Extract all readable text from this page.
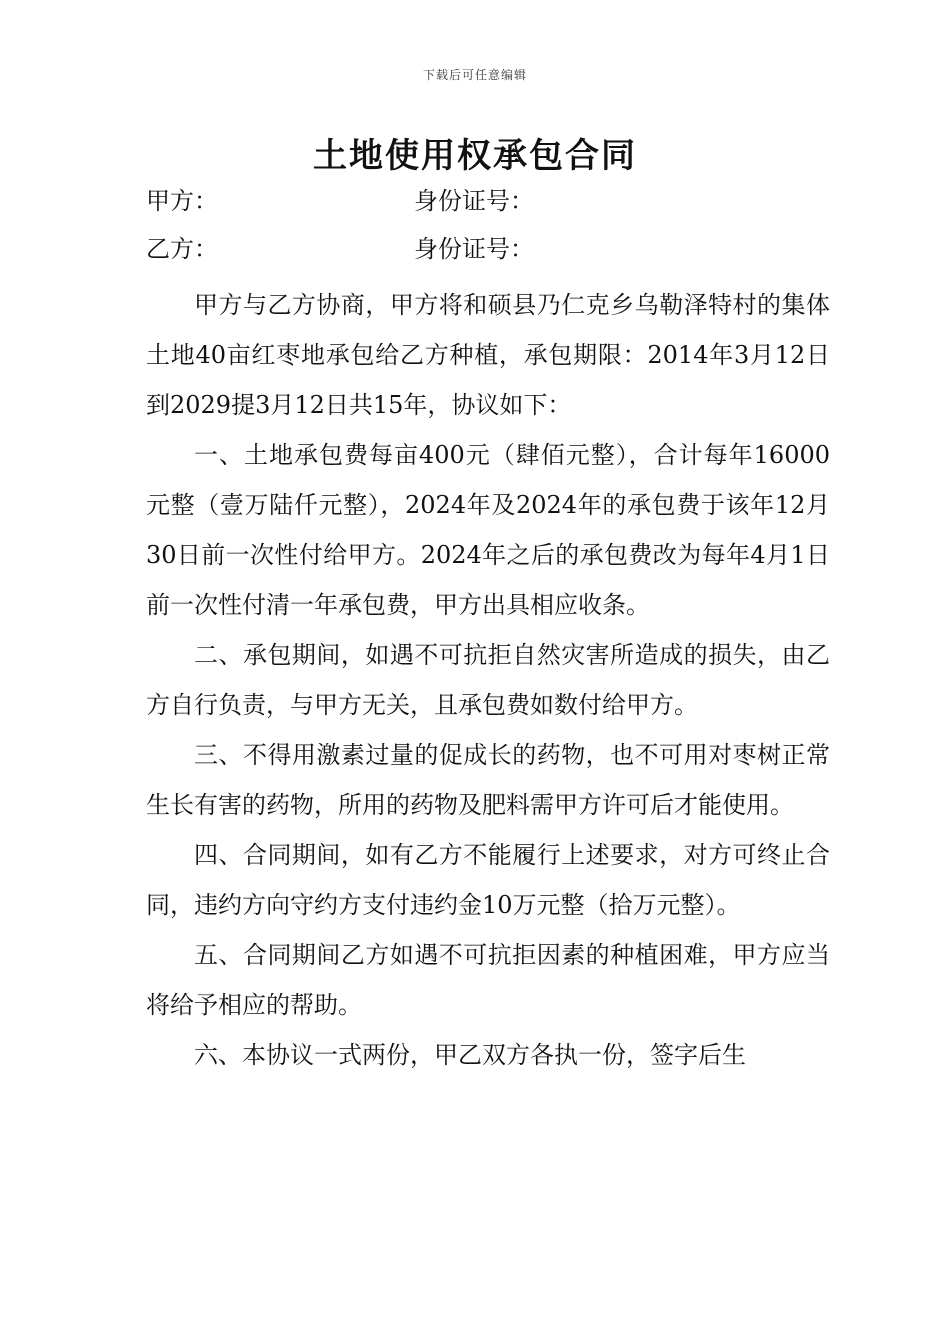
下载后可任意编辑
土地使用权承包合同
甲方：	身份证号：
乙方：	身份证号：

甲方与乙方协商，甲方将和硕县乃仁克乡乌勒泽特村的集体土地40亩红枣地承包给乙方种植，承包期限：2014年3月12日到2029提3月12日共15年，协议如下：

一、土地承包费每亩400元（肆佰元整），合计每年16000元整（壹万陆仟元整），2024年及2024年的承包费于该年12月30日前一次性付给甲方。2024年之后的承包费改为每年4月1日前一次性付清一年承包费，甲方出具相应收条。

二、承包期间，如遇不可抗拒自然灾害所造成的损失，由乙方自行负责，与甲方无关，且承包费如数付给甲方。

三、不得用激素过量的促成长的药物，也不可用对枣树正常生长有害的药物，所用的药物及肥料需甲方许可后才能使用。

四、合同期间，如有乙方不能履行上述要求，对方可终止合同，违约方向守约方支付违约金10万元整（拾万元整）。

五、合同期间乙方如遇不可抗拒因素的种植困难，甲方应当将给予相应的帮助。

六、本协议一式两份，甲乙双方各执一份，签字后生
